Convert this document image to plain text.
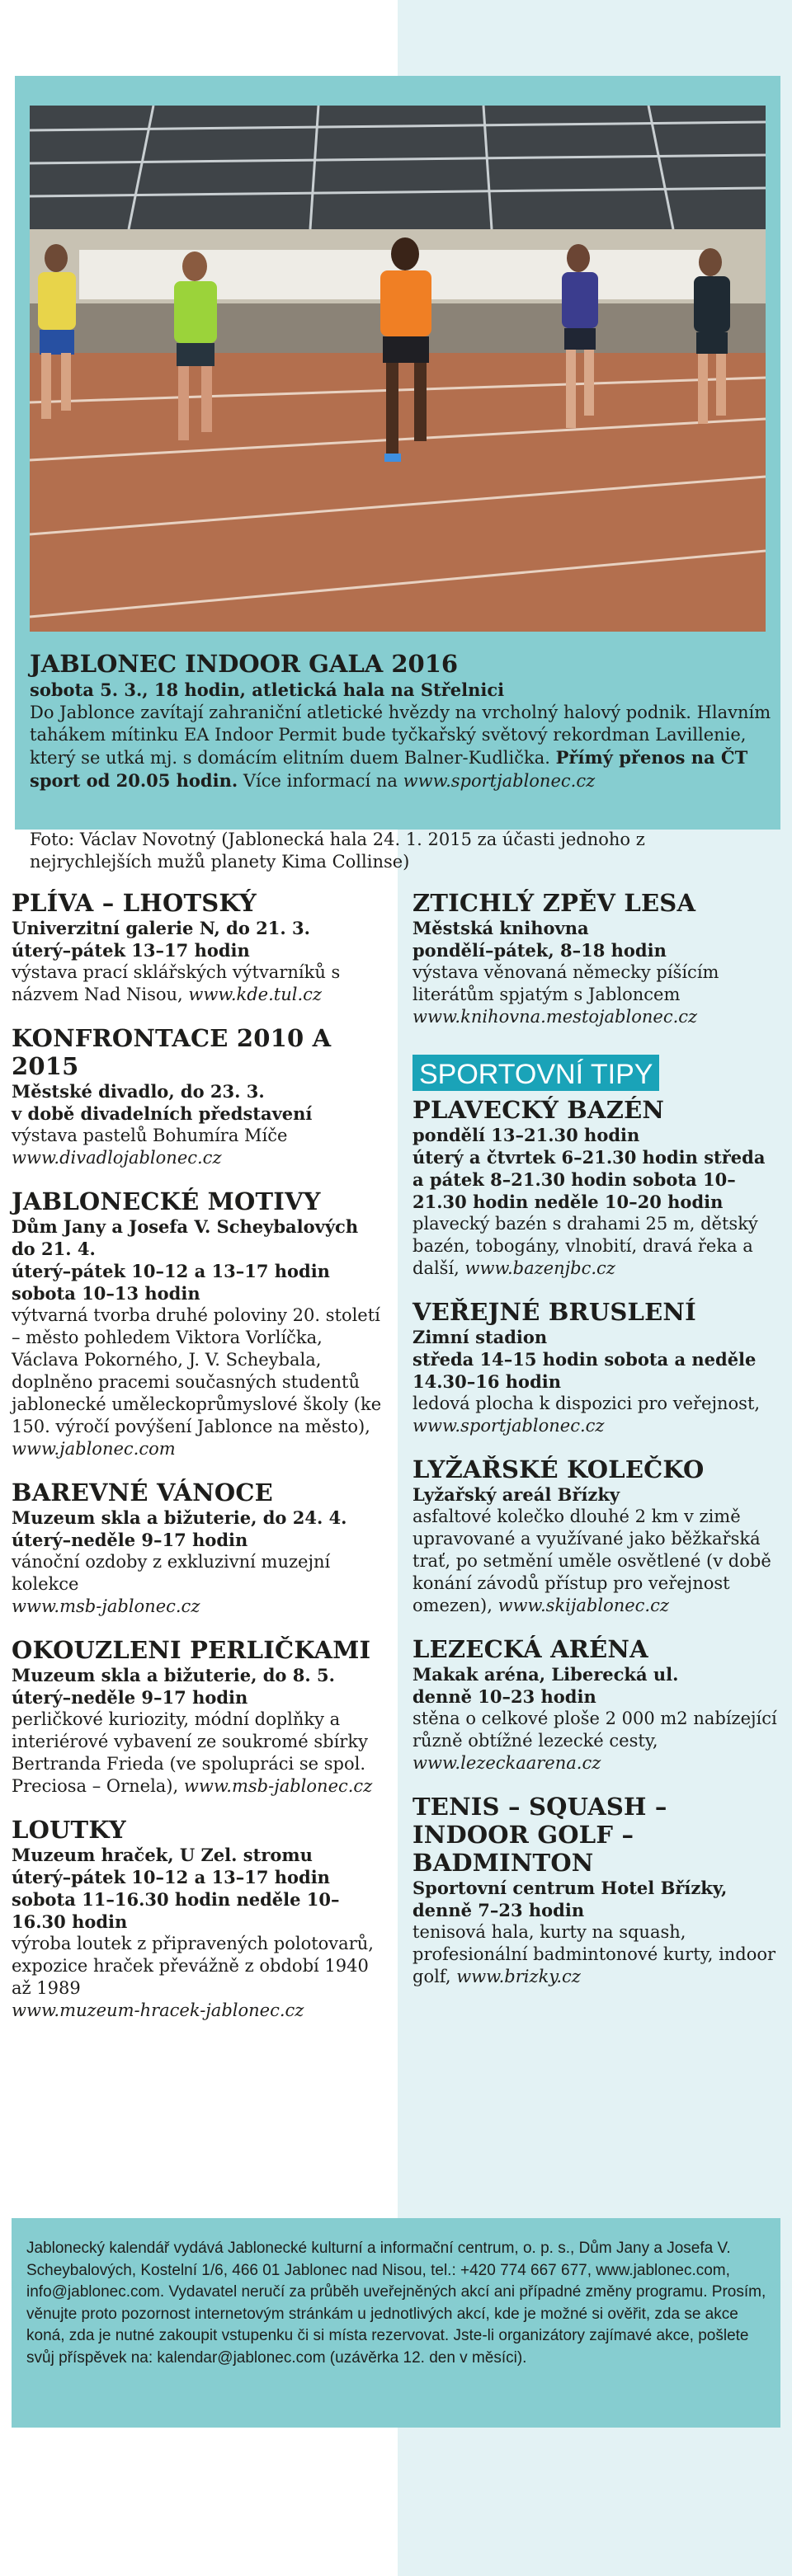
JABLONEC INDOOR GALA 2016
sobota 5. 3., 18 hodin, atletická hala na Střelnici
Do Jablonce zavítají zahraniční atletické hvězdy na vrcholný halový podnik. Hlavním tahákem mítinku EA Indoor Permit bude tyčkařský světový rekordman Lavillenie, který se utká mj. s domácím elitním duem Balner-Kudlička. Přímý přenos na ČT sport od 20.05 hodin. Více informací na www.sportjablonec.cz
Foto: Václav Novotný (Jablonecká hala 24. 1. 2015 za účasti jednoho z nejrychlejších mužů planety Kima Collinse)
PLÍVA – LHOTSKÝ
Univerzitní galerie N, do 21. 3.
úterý–pátek 13–17 hodin
výstava prací sklářských výtvarníků s názvem Nad Nisou, www.kde.tul.cz
KONFRONTACE 2010 A 2015
Městské divadlo, do 23. 3.
v době divadelních představení
výstava pastelů Bohumíra Míče
www.divadlojablonec.cz
JABLONECKÉ MOTIVY
Dům Jany a Josefa V. Scheybalových do 21. 4.
úterý–pátek 10–12 a 13–17 hodin sobota 10–13 hodin
výtvarná tvorba druhé poloviny 20. století – město pohledem Viktora Vorlíčka, Václava Pokorného, J. V. Scheybala, doplněno pracemi současných studentů jablonecké uměleckoprůmyslové školy (ke 150. výročí povýšení Jablonce na město), www.jablonec.com
BAREVNÉ VÁNOCE
Muzeum skla a bižuterie, do 24. 4.
úterý–neděle 9–17 hodin
vánoční ozdoby z exkluzivní muzejní kolekce
www.msb-jablonec.cz
OKOUZLENI PERLIČKAMI
Muzeum skla a bižuterie, do 8. 5.
úterý–neděle 9–17 hodin
perličkové kuriozity, módní doplňky a interiérové vybavení ze soukromé sbírky Bertranda Frieda (ve spolupráci se spol. Preciosa – Ornela), www.msb-jablonec.cz
LOUTKY
Muzeum hraček, U Zel. stromu
úterý–pátek 10–12 a 13–17 hodin sobota 11–16.30 hodin neděle 10–16.30 hodin
výroba loutek z připravených polotovarů, expozice hraček převážně z období 1940 až 1989
www.muzeum-hracek-jablonec.cz
ZTICHLÝ ZPĚV LESA
Městská knihovna
pondělí–pátek, 8–18 hodin
výstava věnovaná německy píšícím literátům spjatým s Jabloncem
www.knihovna.mestojablonec.cz
SPORTOVNÍ TIPY
PLAVECKÝ BAZÉN
pondělí 13–21.30 hodin
úterý a čtvrtek 6–21.30 hodin středa a pátek 8–21.30 hodin sobota 10–21.30 hodin neděle 10–20 hodin
plavecký bazén s drahami 25 m, dětský bazén, tobogány, vlnobití, dravá řeka a další, www.bazenjbc.cz
VEŘEJNÉ BRUSLENÍ
Zimní stadion
středa 14–15 hodin sobota a neděle 14.30–16 hodin
ledová plocha k dispozici pro veřejnost, www.sportjablonec.cz
LYŽAŘSKÉ KOLEČKO
Lyžařský areál Břízky
asfaltové kolečko dlouhé 2 km v zimě upravované a využívané jako běžkařská trať, po setmění uměle osvětlené (v době konání závodů přístup pro veřejnost omezen), www.skijablonec.cz
LEZECKÁ ARÉNA
Makak aréna, Liberecká ul.
denně 10–23 hodin
stěna o celkové ploše 2 000 m2 nabízející různě obtížné lezecké cesty, www.lezeckaarena.cz
TENIS – SQUASH – INDOOR GOLF – BADMINTON
Sportovní centrum Hotel Břízky,
denně 7–23 hodin
tenisová hala, kurty na squash, profesionální badmintonové kurty, indoor golf, www.brizky.cz
Jablonecký kalendář vydává Jablonecké kulturní a informační centrum, o. p. s., Dům Jany a Josefa V. Scheybalových, Kostelní 1/6, 466 01 Jablonec nad Nisou, tel.: +420 774 667 677, www.jablonec.com, info@jablonec.com. Vydavatel neručí za průběh uveřejněných akcí ani případné změny programu. Prosím, věnujte proto pozornost internetovým stránkám u jednotlivých akcí, kde je možné si ověřit, zda se akce koná, zda je nutné zakoupit vstupenku či si místa rezervovat. Jste-li organizátory zajímavé akce, pošlete svůj příspěvek na: kalendar@jablonec.com (uzávěrka 12. den v měsíci).
